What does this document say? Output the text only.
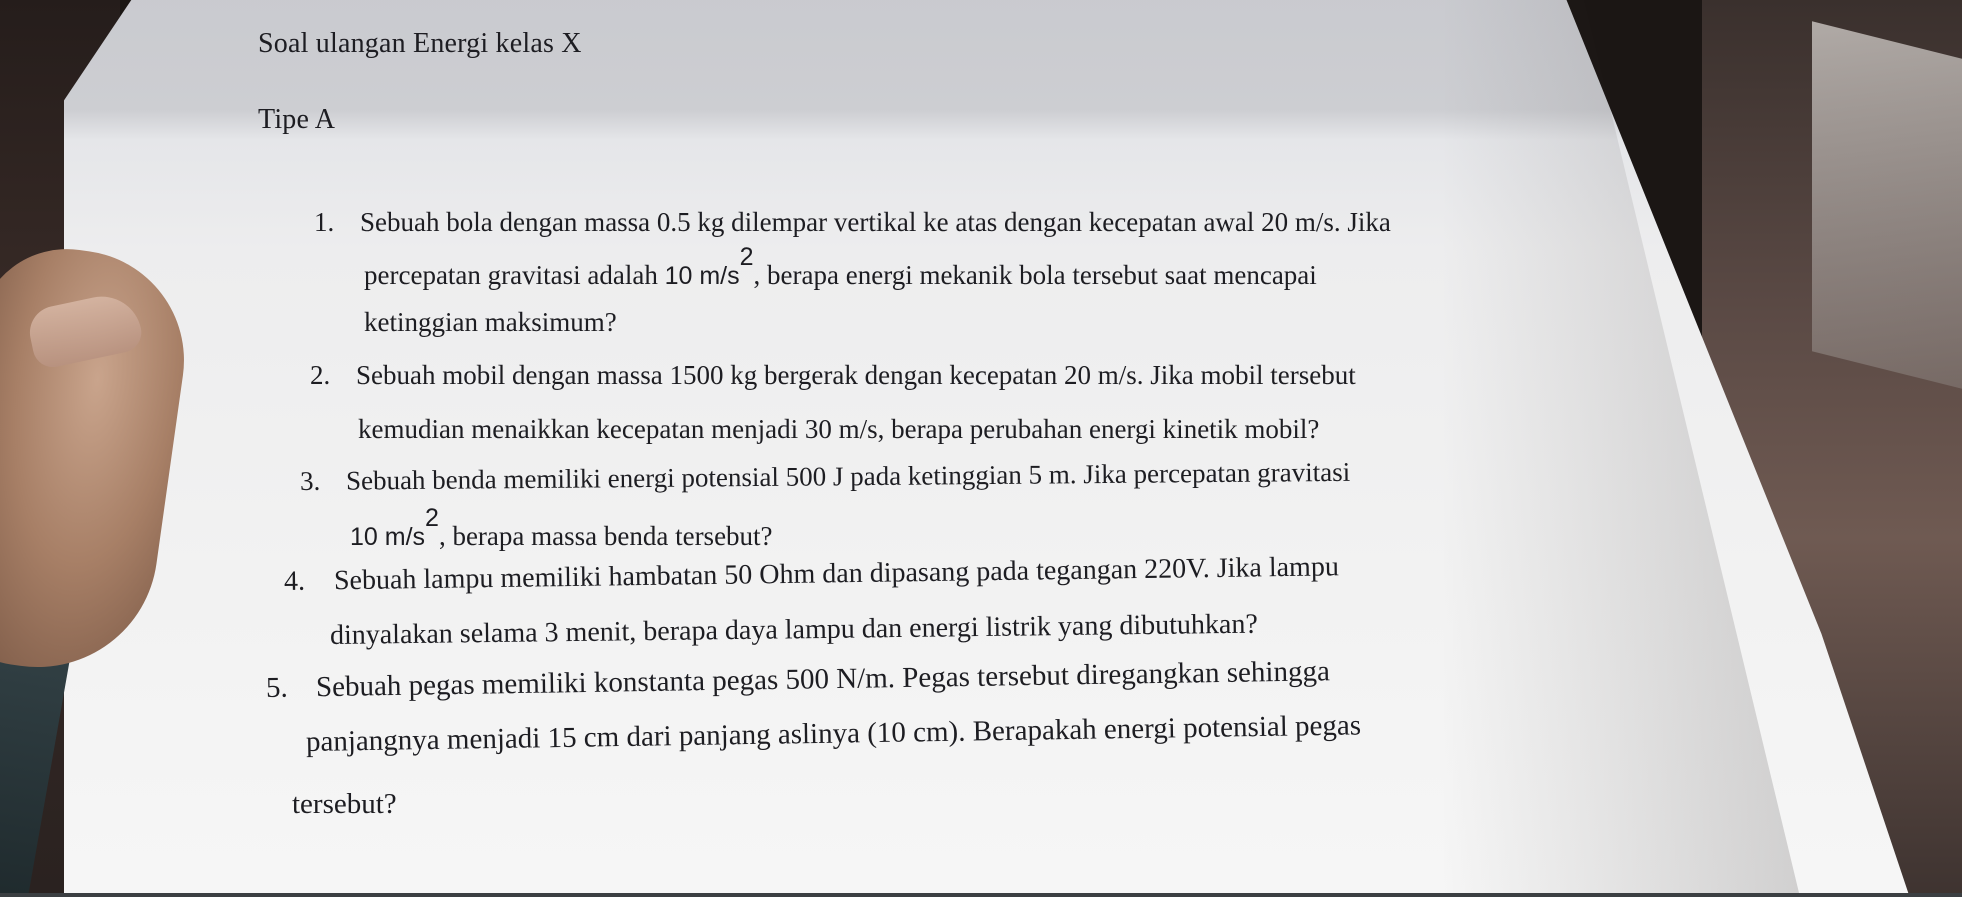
Soal ulangan Energi kelas X
Tipe A
1. Sebuah bola dengan massa 0.5 kg dilempar vertikal ke atas dengan kecepatan awal 20 m/s. Jika
percepatan gravitasi adalah 10 $m/s^2$, berapa energi mekanik bola tersebut saat mencapai
ketinggian maksimum?
2. Sebuah mobil dengan massa 1500 kg bergerak dengan kecepatan 20 m/s. Jika mobil tersebut
kemudian menaikkan kecepatan menjadi 30 m/s, berapa perubahan energi kinetik mobil?
3. Sebuah benda memiliki energi potensial 500 J pada ketinggian 5 m. Jika percepatan gravitasi
10 $m/s^2$, berapa massa benda tersebut?
4. Sebuah lampu memiliki hambatan 50 Ohm dan dipasang pada tegangan 220V. Jika lampu
dinyalakan selama 3 menit, berapa daya lampu dan energi listrik yang dibutuhkan?
5. Sebuah pegas memiliki konstanta pegas 500 N/m. Pegas tersebut diregangkan sehingga
panjangnya menjadi 15 cm dari panjang aslinya (10 cm). Berapakah energi potensial pegas
tersebut?
